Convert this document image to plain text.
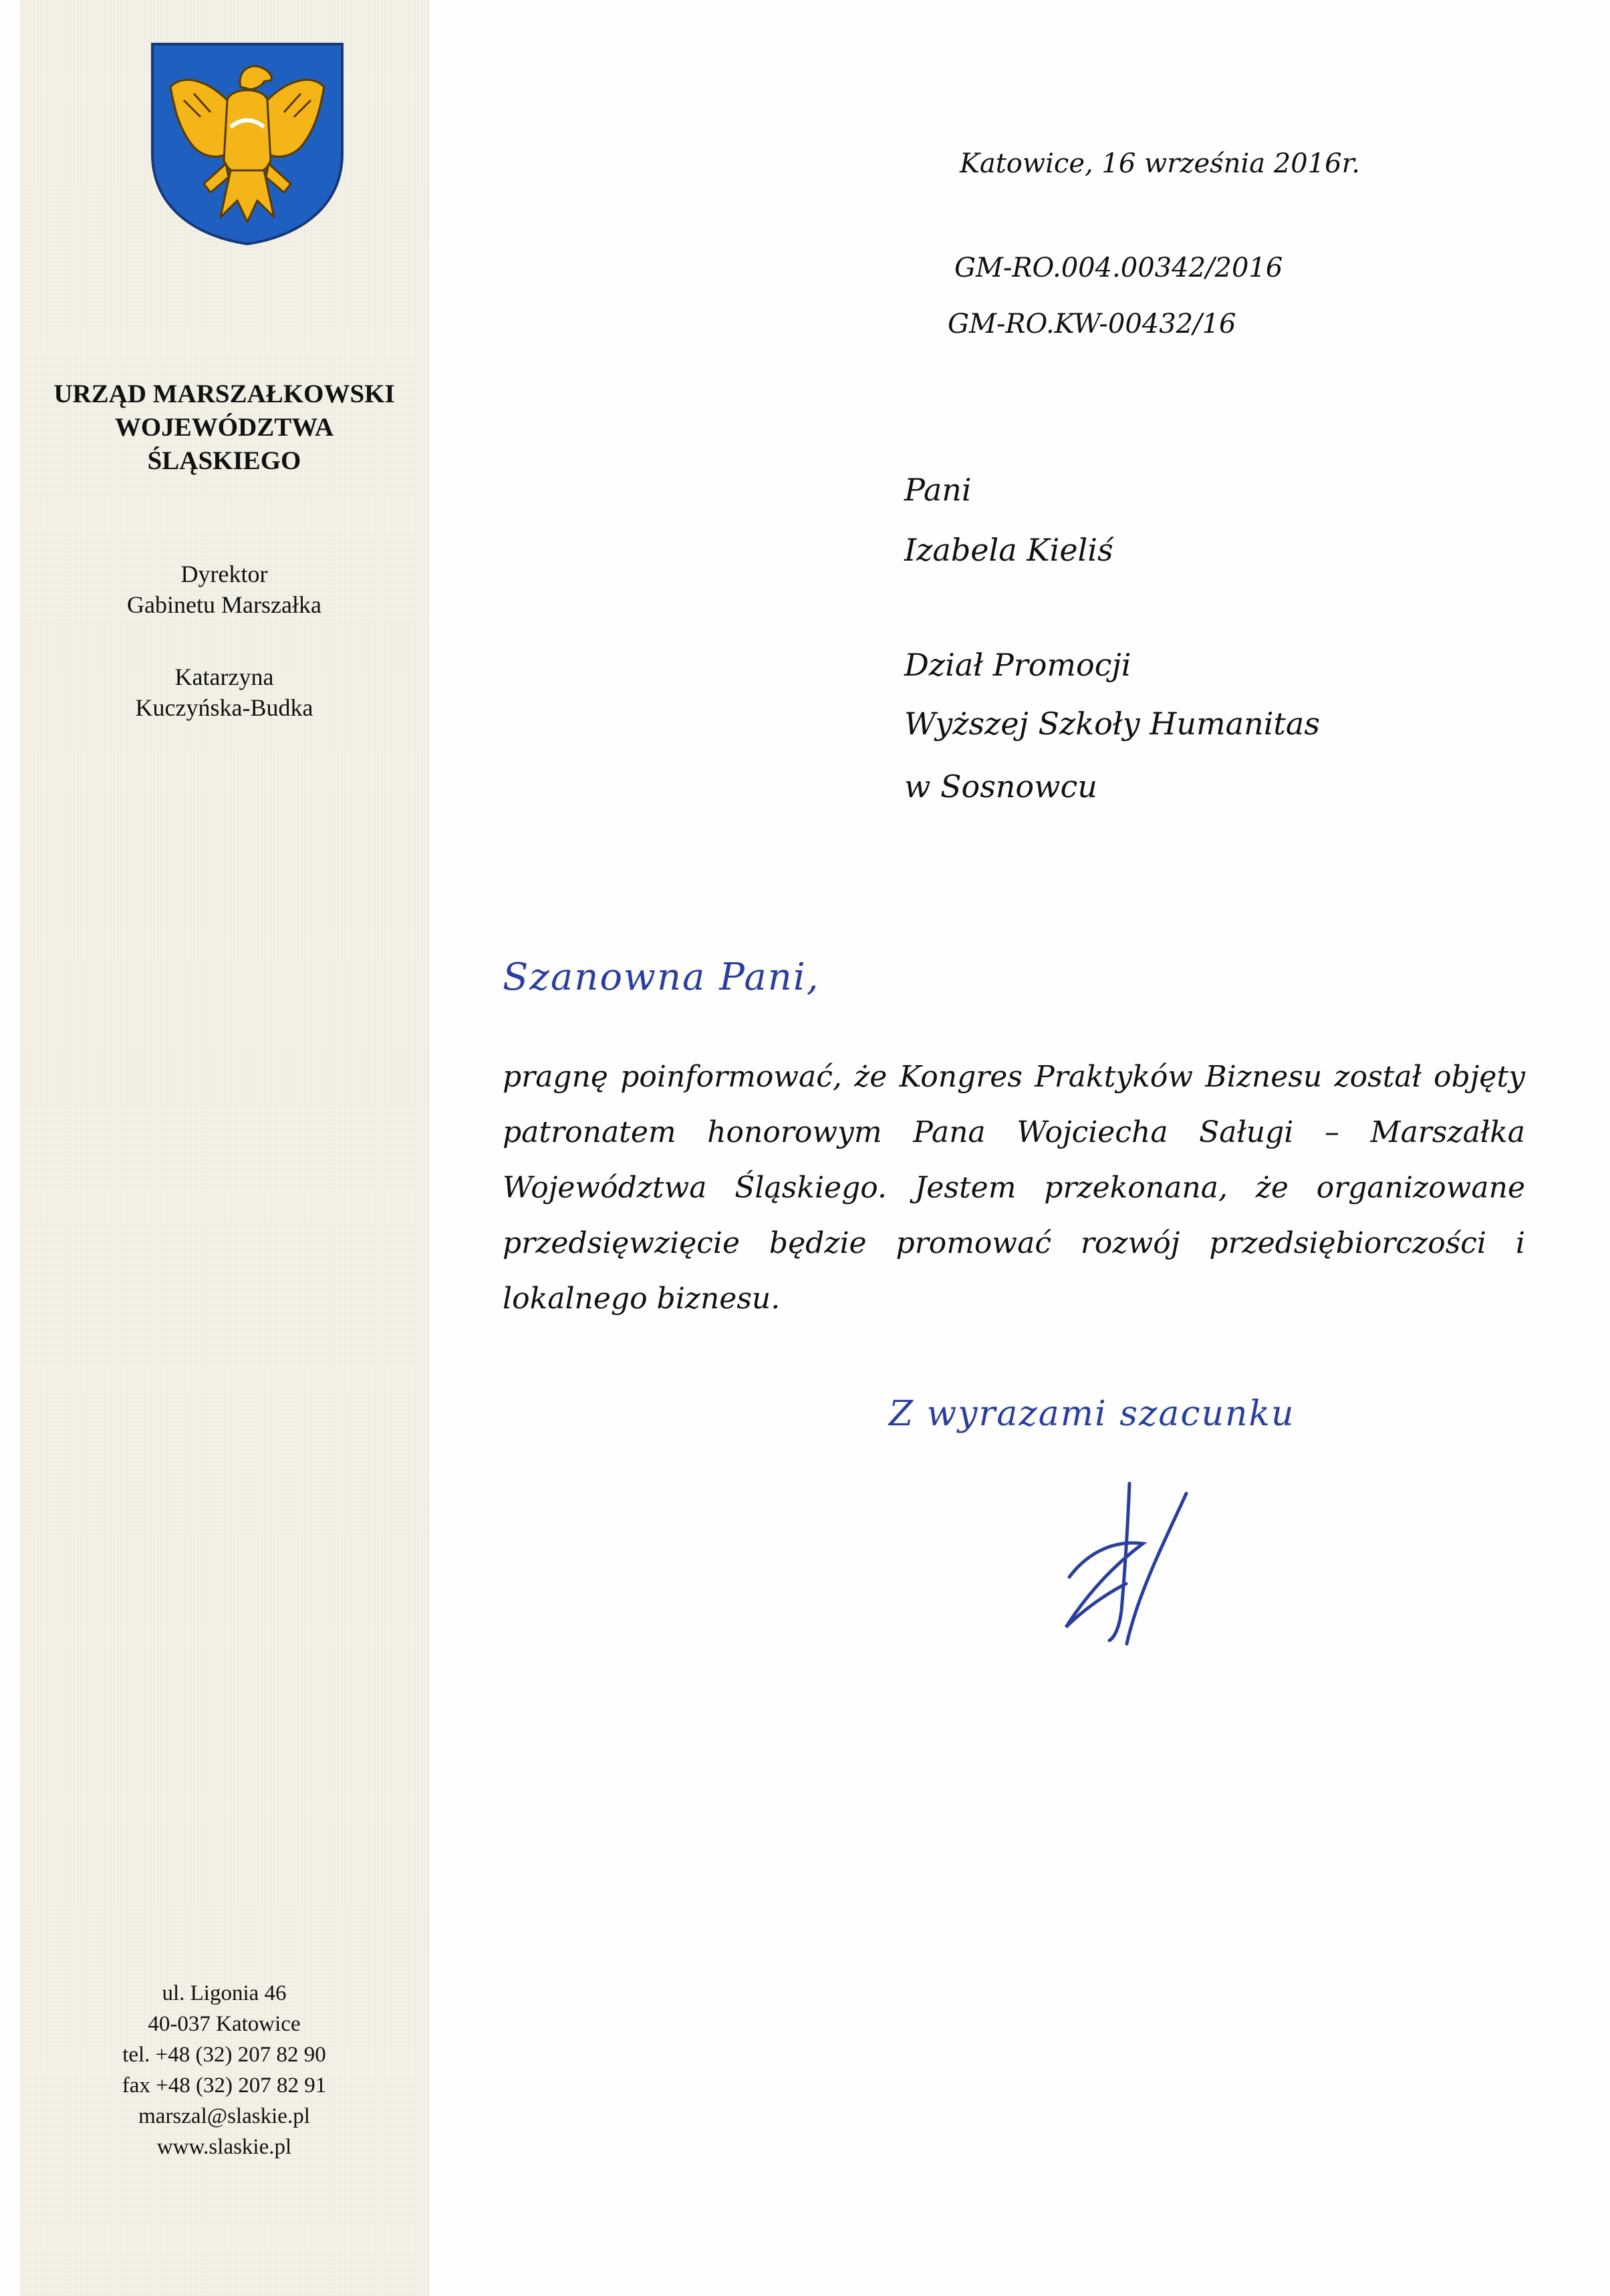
URZĄD MARSZAŁKOWSKI
WOJEWÓDZTWA
ŚLĄSKIEGO
Dyrektor
Gabinetu Marszałka
Katarzyna
Kuczyńska-Budka
ul. Ligonia 46
40-037 Katowice
tel. +48 (32) 207 82 90
fax +48 (32) 207 82 91
marszal@slaskie.pl
www.slaskie.pl
Katowice, 16 września 2016r.
GM-RO.004.00342/2016
GM-RO.KW-00432/16
Pani
Izabela Kieliś
Dział Promocji
Wyższej Szkoły Humanitas
w Sosnowcu
Szanowna Pani,
pragnę poinformować, że Kongres Praktyków Biznesu został objęty patronatem honorowym Pana Wojciecha Saługi – Marszałka Województwa Śląskiego. Jestem przekonana, że organizowane przedsięwzięcie będzie promować rozwój przedsiębiorczości i lokalnego biznesu.
Z wyrazami szacunku
